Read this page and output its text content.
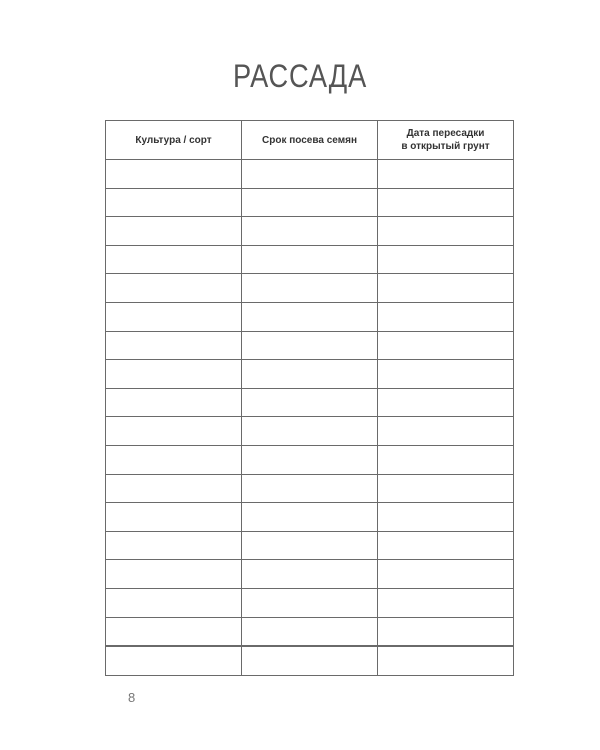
РАССАДА
Культура / сорт	Срок посева семян	Дата пересадки
в открытый грунт

8
